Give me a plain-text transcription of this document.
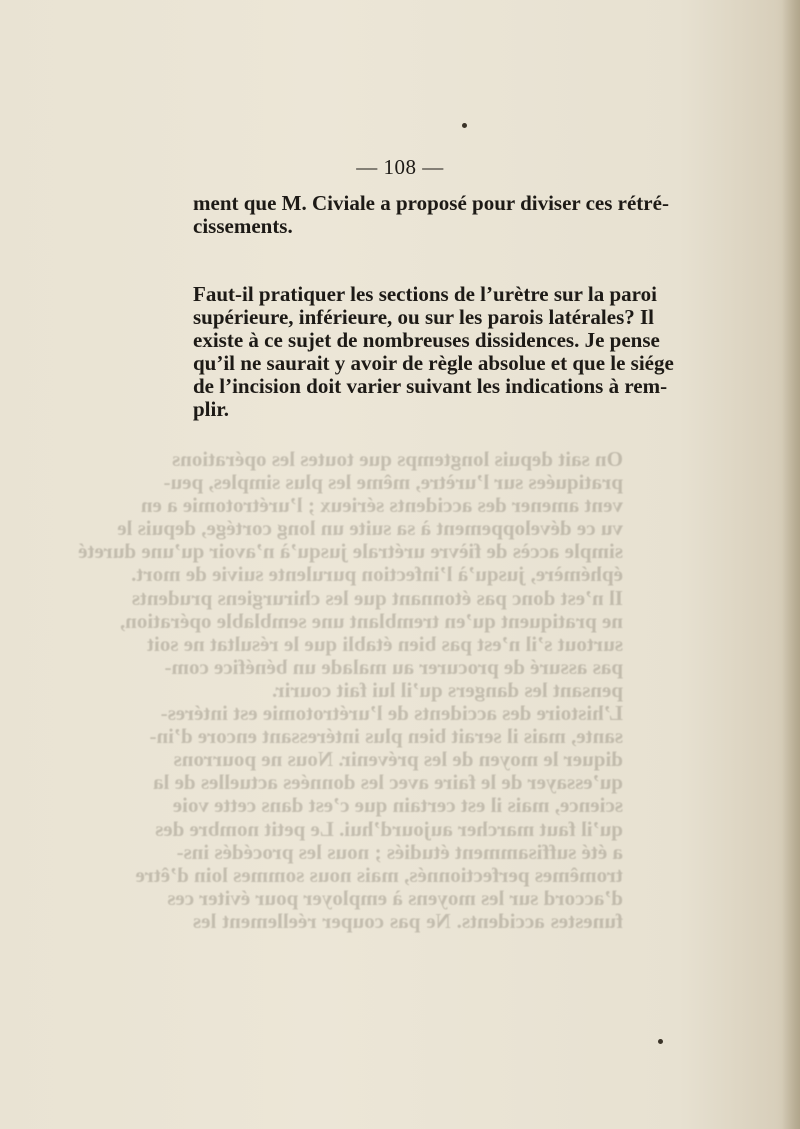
— 108 —
ment que M. Civiale a proposé pour diviser ces rétré-
cissements.
Faut-il pratiquer les sections de l’urètre sur la paroi
supérieure, inférieure, ou sur les parois latérales? Il
existe à ce sujet de nombreuses dissidences. Je pense
qu’il ne saurait y avoir de règle absolue et que le siége
de l’incision doit varier suivant les indications à rem-
plir.
On sait depuis longtemps que toutes les opérations
pratiquées sur l’urètre, même les plus simples, peu-
vent amener des accidents sérieux ; l’urétrotomie a en
vu ce développement à sa suite un long cortége, depuis le
simple accès de fièvre urétrale jusqu’à n’avoir qu’une dureté
éphémère, jusqu’à l’infection purulente suivie de mort.
Il n’est donc pas étonnant que les chirurgiens prudents
ne pratiquent qu’en tremblant une semblable opération,
surtout s’il n’est pas bien établi que le résultat ne soit
pas assuré de procurer au malade un bénéfice com-
pensant les dangers qu’il lui fait courir.
L’histoire des accidents de l’urétrotomie est intéres-
sante, mais il serait bien plus intéressant encore d’in-
diquer le moyen de les prévenir. Nous ne pourrons
qu’essayer de le faire avec les données actuelles de la
science, mais il est certain que c’est dans cette voie
qu’il faut marcher aujourd’hui. Le petit nombre des
a été suffisamment étudiés ; nous les procédés ins-
tromêmes perfectionnés, mais nous sommes loin d’être
d’accord sur les moyens à employer pour éviter ces
funestes accidents. Ne pas couper réellement les
